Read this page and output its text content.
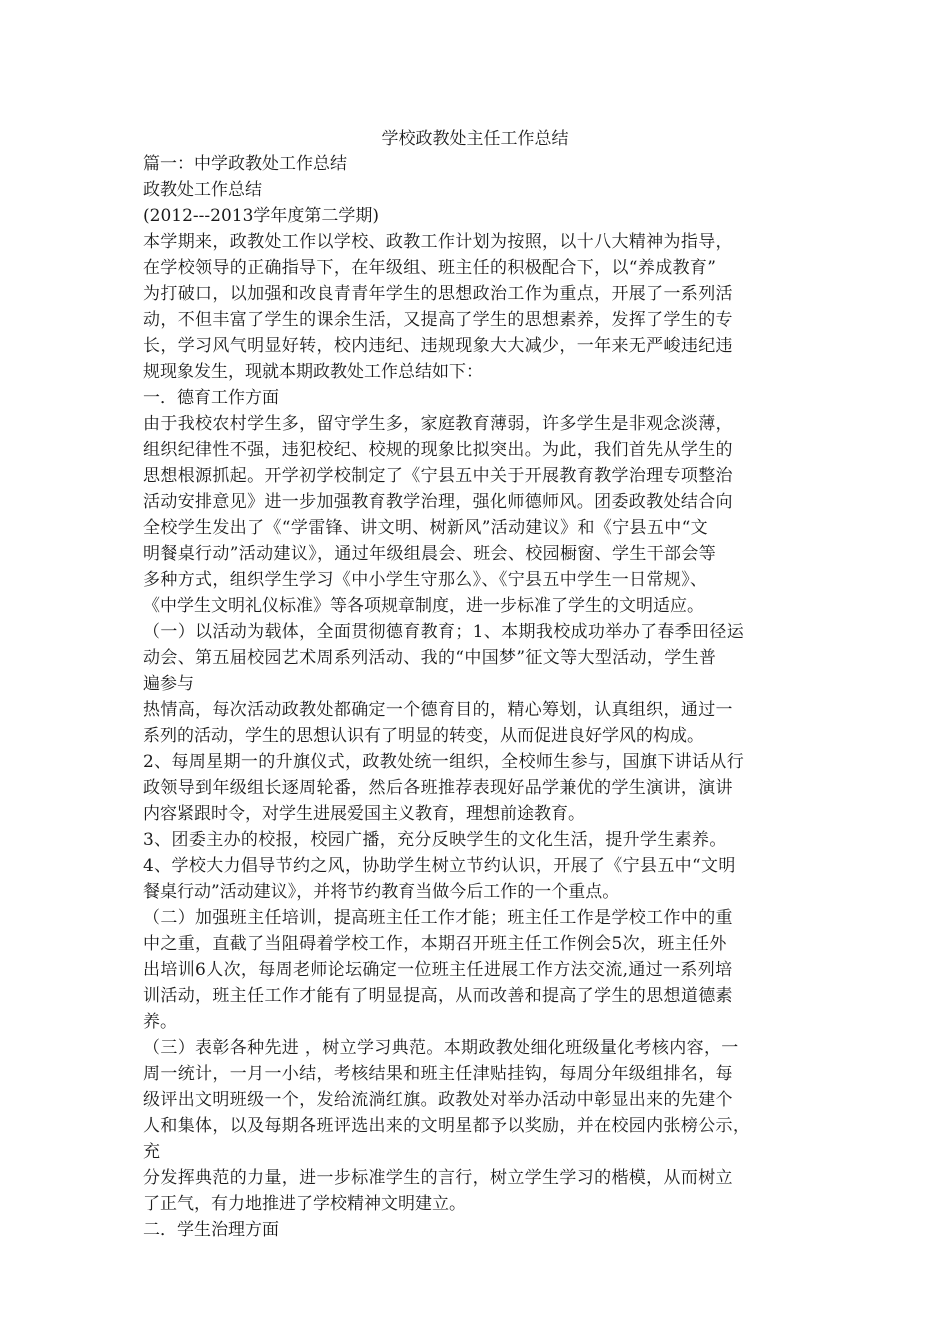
学校政教处主任工作总结
篇一：中学政教处工作总结
政教处工作总结
(2012---2013学年度第二学期)
本学期来，政教处工作以学校、政教工作计划为按照，以十八大精神为指导，
在学校领导的正确指导下，在年级组、班主任的积极配合下，以“养成教育”
为打破口，以加强和改良青青年学生的思想政治工作为重点，开展了一系列活
动，不但丰富了学生的课余生活，又提高了学生的思想素养，发挥了学生的专
长，学习风气明显好转，校内违纪、违规现象大大减少，一年来无严峻违纪违
规现象发生，现就本期政教处工作总结如下：
一．德育工作方面
由于我校农村学生多，留守学生多，家庭教育薄弱，许多学生是非观念淡薄，
组织纪律性不强，违犯校纪、校规的现象比拟突出。为此，我们首先从学生的
思想根源抓起。开学初学校制定了《宁县五中关于开展教育教学治理专项整治
活动安排意见》进一步加强教育教学治理，强化师德师风。团委政教处结合向
全校学生发出了《“学雷锋、讲文明、树新风”活动建议》和《宁县五中“文
明餐桌行动”活动建议》，通过年级组晨会、班会、校园橱窗、学生干部会等
多种方式，组织学生学习《中小学生守那么》、《宁县五中学生一日常规》、
《中学生文明礼仪标准》等各项规章制度，进一步标准了学生的文明适应。
（一）以活动为载体，全面贯彻德育教育；1、本期我校成功举办了春季田径运
动会、第五届校园艺术周系列活动、我的“中国梦”征文等大型活动，学生普
遍参与
热情高，每次活动政教处都确定一个德育目的，精心筹划，认真组织，通过一
系列的活动，学生的思想认识有了明显的转变，从而促进良好学风的构成。
2、每周星期一的升旗仪式，政教处统一组织，全校师生参与，国旗下讲话从行
政领导到年级组长逐周轮番，然后各班推荐表现好品学兼优的学生演讲，演讲
内容紧跟时令，对学生进展爱国主义教育，理想前途教育。
3、团委主办的校报，校园广播，充分反映学生的文化生活，提升学生素养。
4、学校大力倡导节约之风，协助学生树立节约认识，开展了《宁县五中“文明
餐桌行动”活动建议》，并将节约教育当做今后工作的一个重点。
（二）加强班主任培训，提高班主任工作才能；班主任工作是学校工作中的重
中之重，直截了当阻碍着学校工作，本期召开班主任工作例会5次，班主任外
出培训6人次，每周老师论坛确定一位班主任进展工作方法交流,通过一系列培
训活动，班主任工作才能有了明显提高，从而改善和提高了学生的思想道德素
养。
（三）表彰各种先进 ，树立学习典范。本期政教处细化班级量化考核内容，一
周一统计，一月一小结，考核结果和班主任津贴挂钩，每周分年级组排名，每
级评出文明班级一个，发给流淌红旗。政教处对举办活动中彰显出来的先建个
人和集体，以及每期各班评选出来的文明星都予以奖励，并在校园内张榜公示，
充
分发挥典范的力量，进一步标准学生的言行，树立学生学习的楷模，从而树立
了正气，有力地推进了学校精神文明建立。
二．学生治理方面
